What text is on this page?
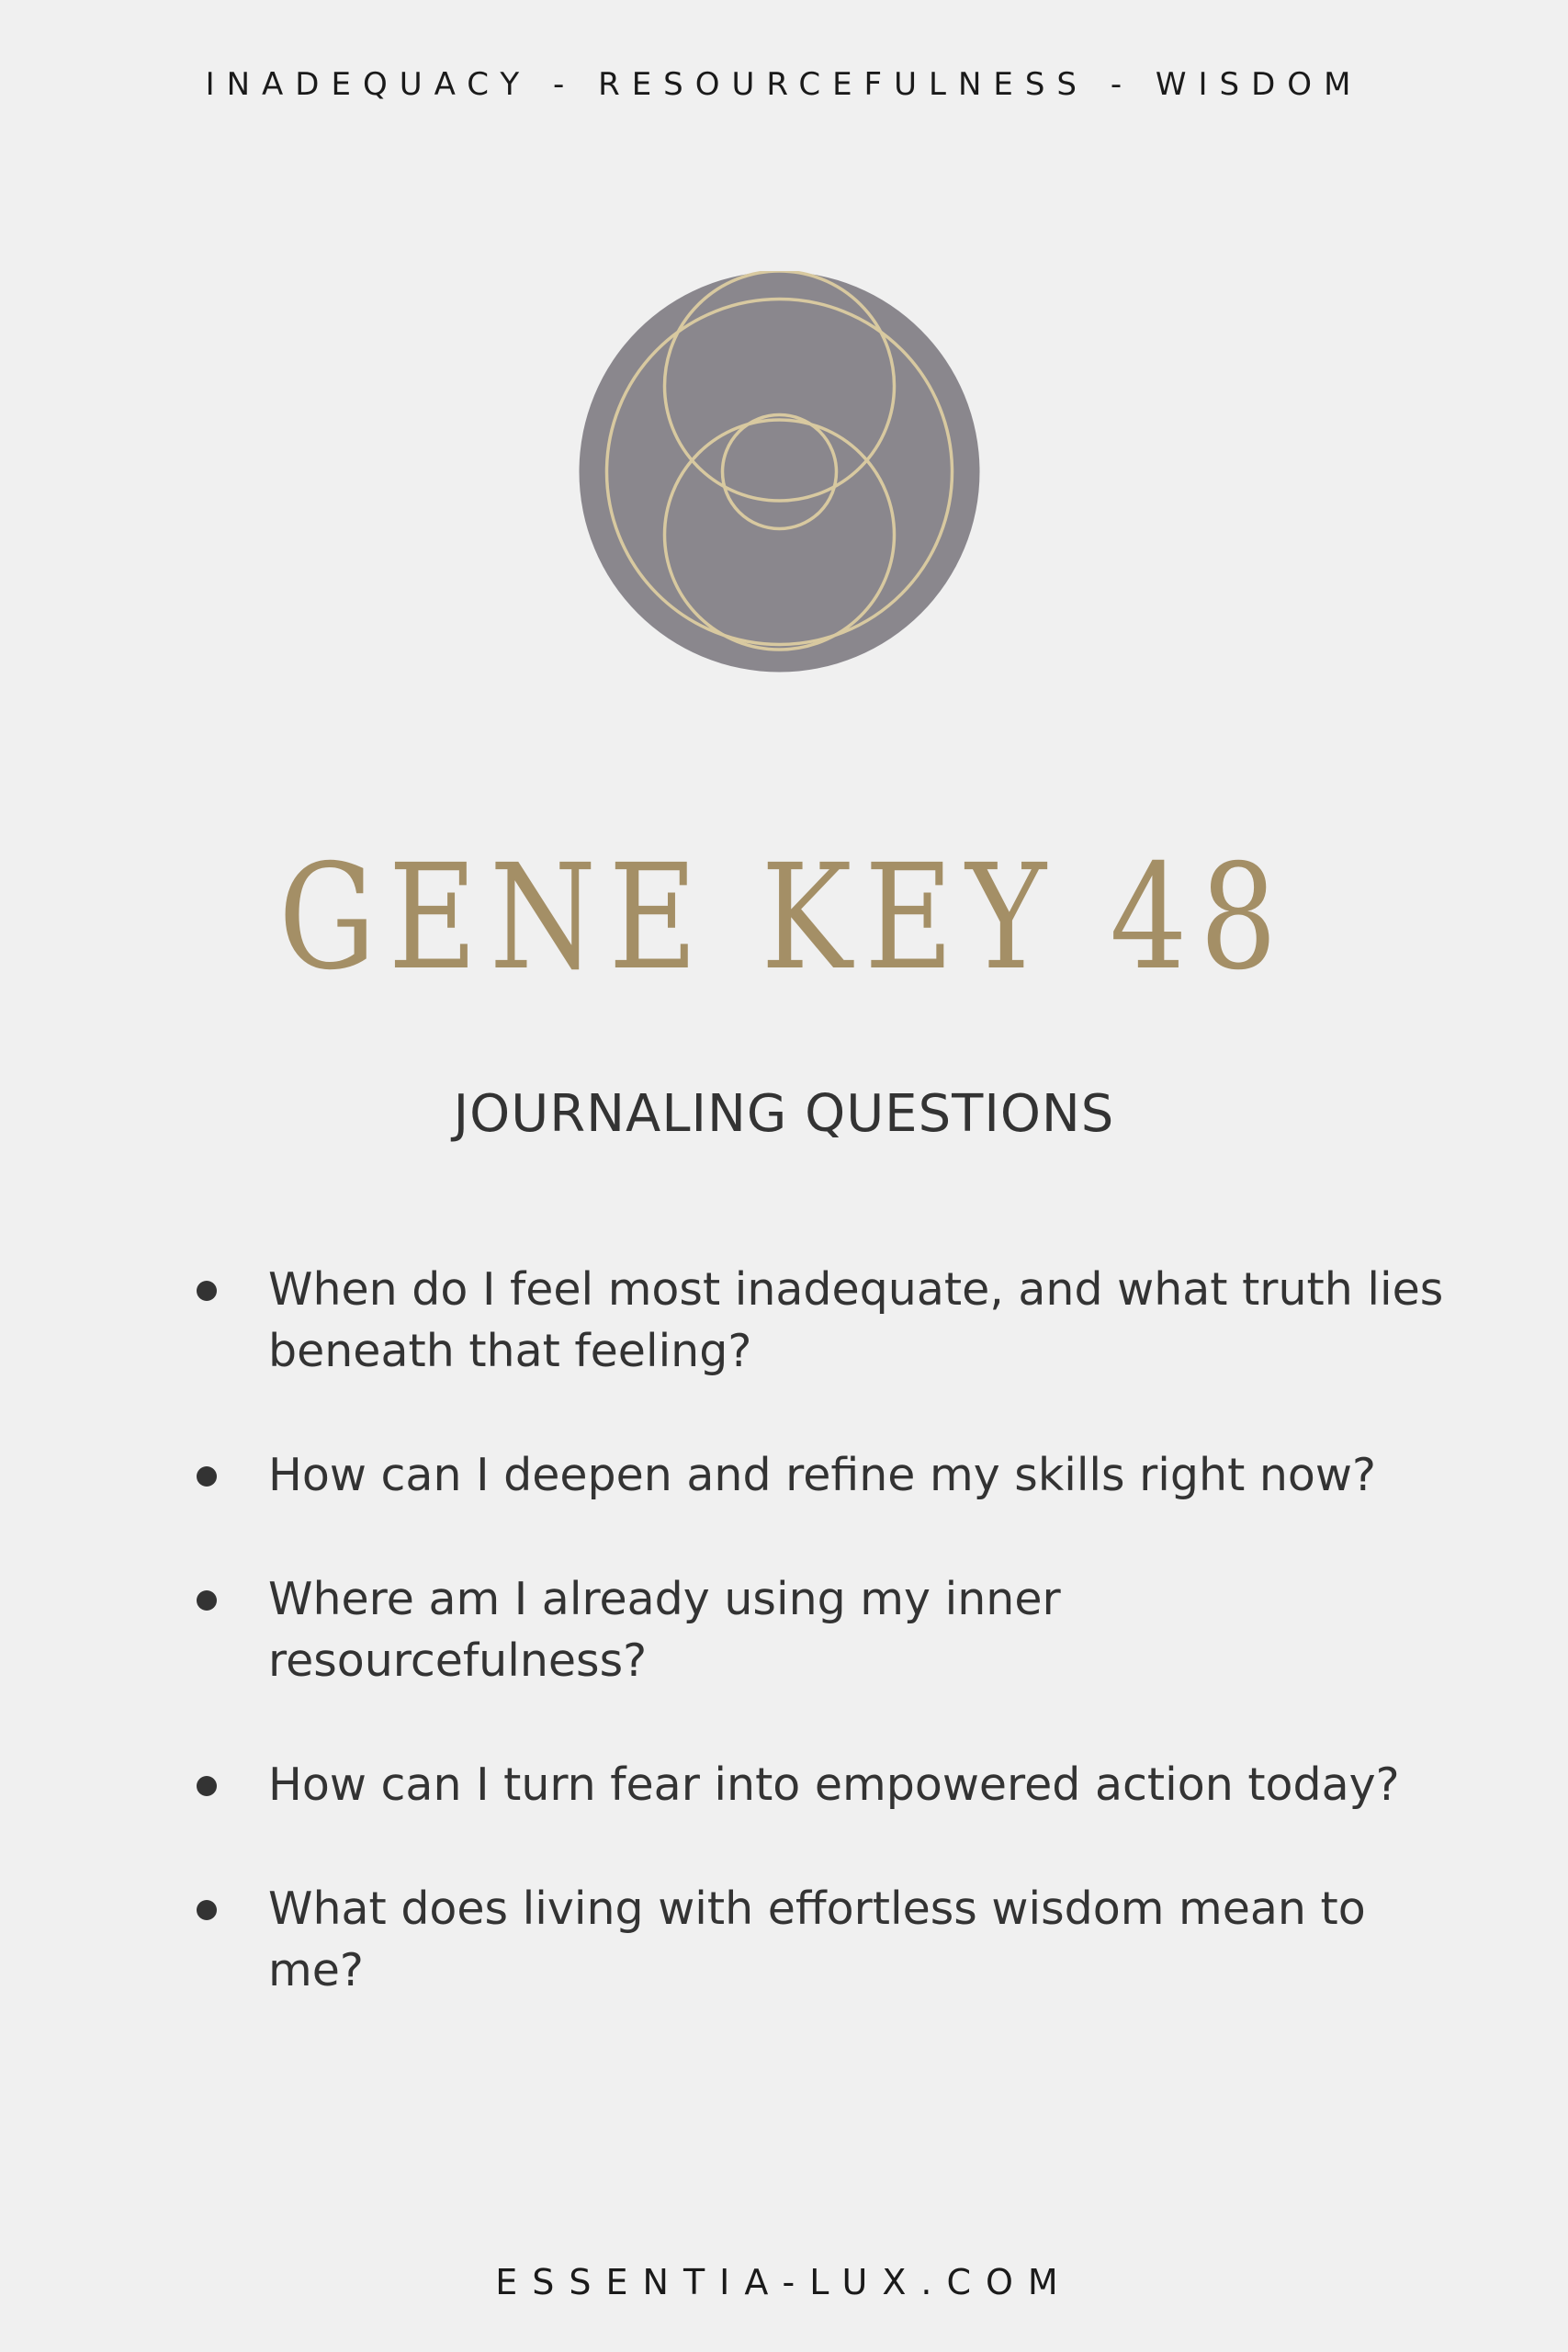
INADEQUACY - RESOURCEFULNESS - WISDOM
GENE KEY 48
JOURNALING QUESTIONS
When do I feel most inadequate, and what truth lies beneath that feeling?
How can I deepen and refine my skills right now?
Where am I already using my inner resourcefulness?
How can I turn fear into empowered action today?
What does living with effortless wisdom mean to me?
ESSENTIA-LUX.COM
